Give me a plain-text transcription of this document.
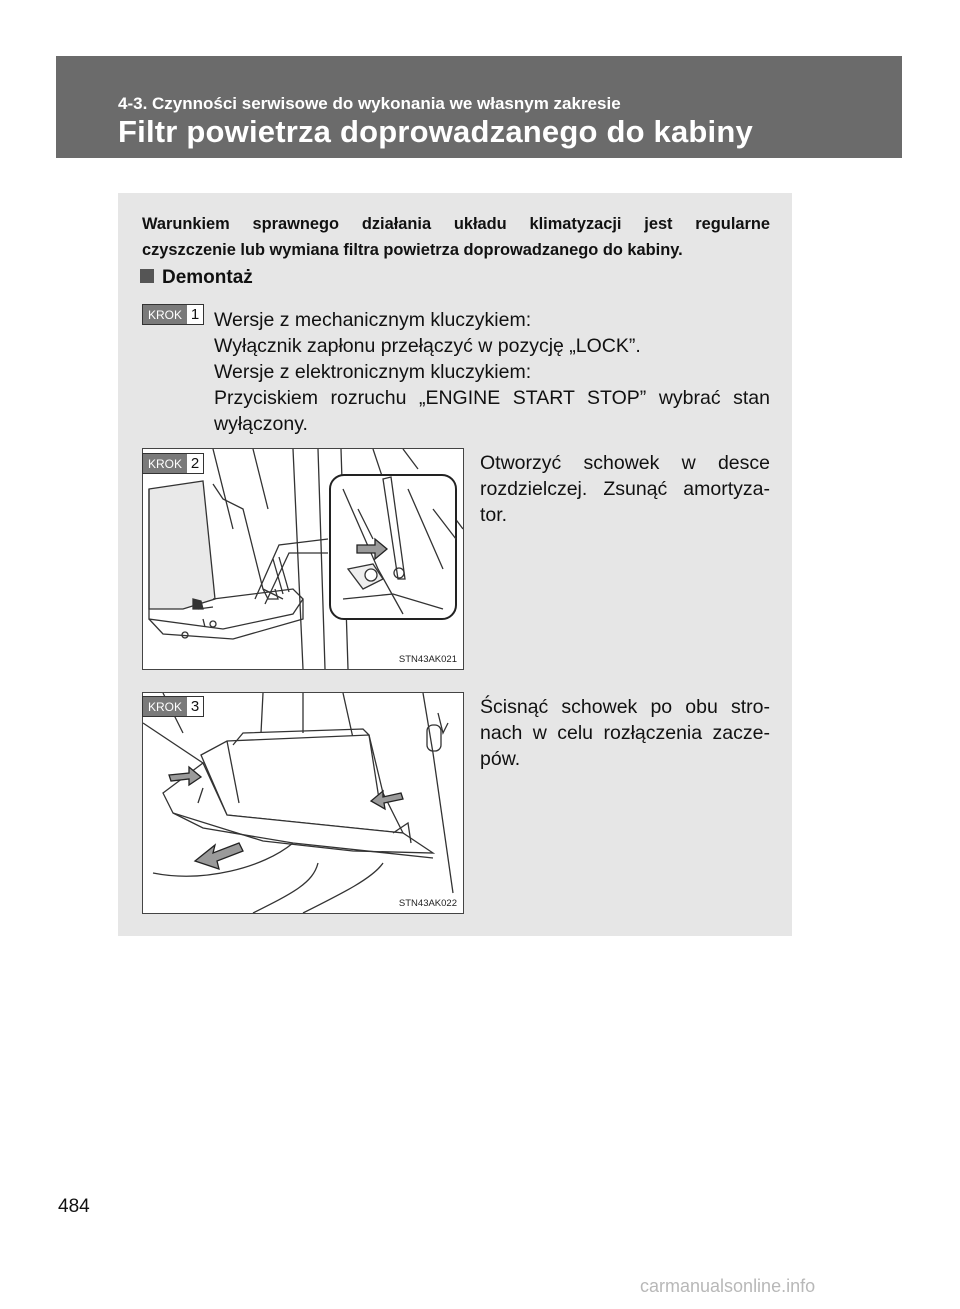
4-3. Czynności serwisowe do wykonania we własnym zakresie
Filtr powietrza doprowadzanego do kabiny
Warunkiem sprawnego działania układu klimatyzacji jest regularne
czyszczenie lub wymiana filtra powietrza doprowadzanego do kabiny.
Demontaż
KROK 1 Wersje z mechanicznym kluczykiem:
Wyłącznik zapłonu przełączyć w pozycję „LOCK”.
Wersje z elektronicznym kluczykiem:
Przyciskiem rozruchu „ENGINE START STOP” wybrać stan
wyłączony.
STN43AK021
KROK 2	Otworzyć schowek w desce rozdzielczej. Zsunąć amortyza-tor.
STN43AK022
KROK 3	Ścisnąć schowek po obu stro-nach w celu rozłączenia zacze-pów.
484
carmanualsonline.info
